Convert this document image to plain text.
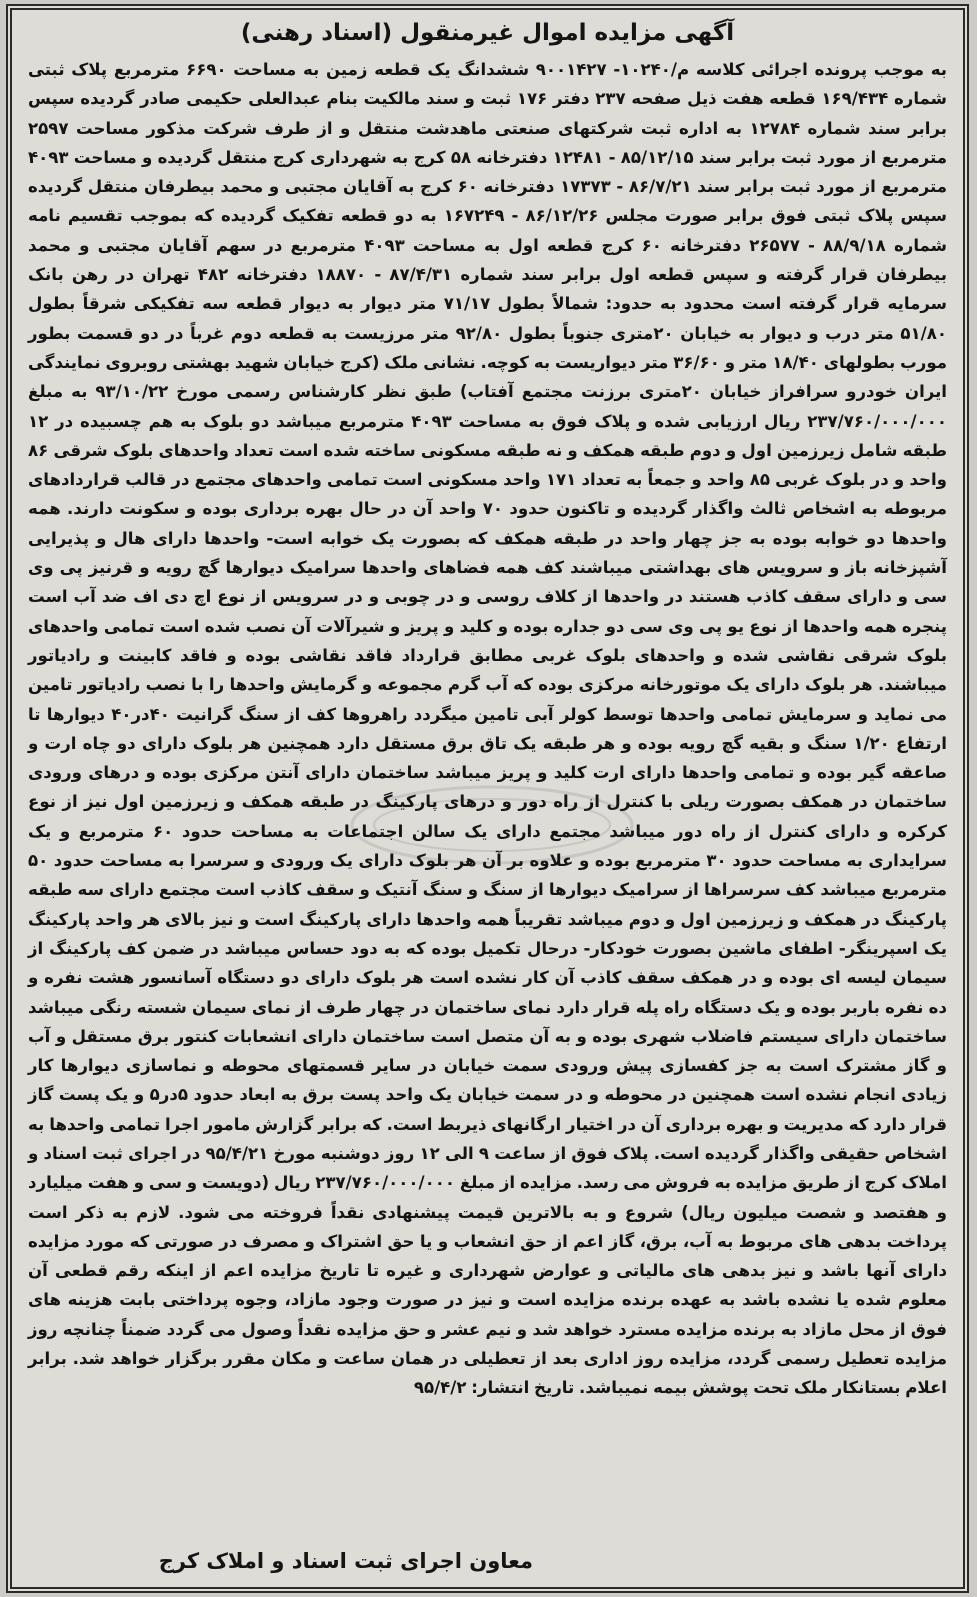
آگهی مزایده اموال غیرمنقول (اسناد رهنی)
به موجب پرونده اجرائی کلاسه م/۱۰۲۴۰- ۹۰۰۱۴۲۷ ششدانگ یک قطعه زمین به مساحت ۶۶۹۰ مترمربع پلاک ثبتی شماره ۱۶۹/۴۳۴ قطعه هفت ذیل صفحه ۲۳۷ دفتر ۱۷۶ ثبت و سند مالکیت بنام عبدالعلی حکیمی صادر گردیده سپس برابر سند شماره ۱۲۷۸۴ به اداره ثبت شرکتهای صنعتی ماهدشت منتقل و از طرف شرکت مذکور مساحت ۲۵۹۷ مترمربع از مورد ثبت برابر سند ۸۵/۱۲/۱۵ - ۱۲۴۸۱ دفترخانه ۵۸ کرج به شهرداری کرج منتقل گردیده و مساحت ۴۰۹۳ مترمربع از مورد ثبت برابر سند ۸۶/۷/۲۱ - ۱۷۳۷۳ دفترخانه ۶۰ کرج به آقایان مجتبی و محمد بیطرفان منتقل گردیده سپس پلاک ثبتی فوق برابر صورت مجلس ۸۶/۱۲/۲۶ - ۱۶۷۲۴۹ به دو قطعه تفکیک گردیده که بموجب تقسیم نامه شماره ۸۸/۹/۱۸ - ۲۶۵۷۷ دفترخانه ۶۰ کرج قطعه اول به مساحت ۴۰۹۳ مترمربع در سهم آقایان مجتبی و محمد بیطرفان قرار گرفته و سپس قطعه اول برابر سند شماره ۸۷/۴/۳۱ - ۱۸۸۷۰ دفترخانه ۴۸۲ تهران در رهن بانک سرمایه قرار گرفته است محدود به حدود: شمالاً بطول ۷۱/۱۷ متر دیوار به دیوار قطعه سه تفکیکی شرقاً بطول ۵۱/۸۰ متر درب و دیوار به خیابان ۲۰متری جنوباً بطول ۹۲/۸۰ متر مرزیست به قطعه دوم غرباً در دو قسمت بطور مورب بطولهای ۱۸/۴۰ متر و ۳۶/۶۰ متر دیواریست به کوچه. نشانی ملک (کرج خیابان شهید بهشتی روبروی نمایندگی ایران خودرو سرافراز خیابان ۲۰متری برزنت مجتمع آفتاب) طبق نظر کارشناس رسمی مورخ ۹۳/۱۰/۲۲ به مبلغ ۲۳۷/۷۶۰/۰۰۰/۰۰۰ ریال ارزیابی شده و پلاک فوق به مساحت ۴۰۹۳ مترمربع میباشد دو بلوک به هم چسبیده در ۱۲ طبقه شامل زیرزمین اول و دوم طبقه همکف و نه طبقه مسکونی ساخته شده است تعداد واحدهای بلوک شرقی ۸۶ واحد و در بلوک غربی ۸۵ واحد و جمعاً به تعداد ۱۷۱ واحد مسکونی است تمامی واحدهای مجتمع در قالب قراردادهای مربوطه به اشخاص ثالث واگذار گردیده و تاکنون حدود ۷۰ واحد آن در حال بهره برداری بوده و سکونت دارند. همه واحدها دو خوابه بوده به جز چهار واحد در طبقه همکف که بصورت یک خوابه است- واحدها دارای هال و پذیرایی آشپزخانه باز و سرویس های بهداشتی میباشند کف همه فضاهای واحدها سرامیک دیوارها گچ رویه و قرنیز پی وی سی و دارای سقف کاذب هستند در واحدها از کلاف روسی و در چوبی و در سرویس از نوع اچ دی اف ضد آب است پنجره همه واحدها از نوع یو پی وی سی دو جداره بوده و کلید و پریز و شیرآلات آن نصب شده است تمامی واحدهای بلوک شرقی نقاشی شده و واحدهای بلوک غربی مطابق قرارداد فاقد نقاشی بوده و فاقد کابینت و رادیاتور میباشند. هر بلوک دارای یک موتورخانه مرکزی بوده که آب گرم مجموعه و گرمایش واحدها را با نصب رادیاتور تامین می نماید و سرمایش تمامی واحدها توسط کولر آبی تامین میگردد راهروها کف از سنگ گرانیت ۴۰در۴۰ دیوارها تا ارتفاع ۱/۲۰ سنگ و بقیه گچ رویه بوده و هر طبقه یک تاق برق مستقل دارد همچنین هر بلوک دارای دو چاه ارت و صاعقه گیر بوده و تمامی واحدها دارای ارت کلید و پریز میباشد ساختمان دارای آنتن مرکزی بوده و درهای ورودی ساختمان در همکف بصورت ریلی با کنترل از راه دور و درهای پارکینگ در طبقه همکف و زیرزمین اول نیز از نوع کرکره و دارای کنترل از راه دور میباشد مجتمع دارای یک سالن اجتماعات به مساحت حدود ۶۰ مترمربع و یک سرایداری به مساحت حدود ۳۰ مترمربع بوده و علاوه بر آن هر بلوک دارای یک ورودی و سرسرا به مساحت حدود ۵۰ مترمربع میباشد کف سرسراها از سرامیک دیوارها از سنگ و سنگ آنتیک و سقف کاذب است مجتمع دارای سه طبقه پارکینگ در همکف و زیرزمین اول و دوم میباشد تقریباً همه واحدها دارای پارکینگ است و نیز بالای هر واحد پارکینگ یک اسپرینگر- اطفای ماشین بصورت خودکار- درحال تکمیل بوده که به دود حساس میباشد در ضمن کف پارکینگ از سیمان لیسه ای بوده و در همکف سقف کاذب آن کار نشده است هر بلوک دارای دو دستگاه آسانسور هشت نفره و ده نفره باربر بوده و یک دستگاه راه پله قرار دارد نمای ساختمان در چهار طرف از نمای سیمان شسته رنگی میباشد ساختمان دارای سیستم فاضلاب شهری بوده و به آن متصل است ساختمان دارای انشعابات کنتور برق مستقل و آب و گاز مشترک است به جز کفسازی پیش ورودی سمت خیابان در سایر قسمتهای محوطه و نماسازی دیوارها کار زیادی انجام نشده است همچنین در محوطه و در سمت خیابان یک واحد پست برق به ابعاد حدود ۵در۵ و یک پست گاز قرار دارد که مدیریت و بهره برداری آن در اختیار ارگانهای ذیربط است. که برابر گزارش مامور اجرا تمامی واحدها به اشخاص حقیقی واگذار گردیده است. پلاک فوق از ساعت ۹ الی ۱۲ روز دوشنبه مورخ ۹۵/۴/۲۱ در اجرای ثبت اسناد و املاک کرج از طریق مزایده به فروش می رسد. مزایده از مبلغ ۲۳۷/۷۶۰/۰۰۰/۰۰۰ ریال (دویست و سی و هفت میلیارد و هفتصد و شصت میلیون ریال) شروع و به بالاترین قیمت پیشنهادی نقداً فروخته می شود. لازم به ذکر است پرداخت بدهی های مربوط به آب، برق، گاز اعم از حق انشعاب و یا حق اشتراک و مصرف در صورتی که مورد مزایده دارای آنها باشد و نیز بدهی های مالیاتی و عوارض شهرداری و غیره تا تاریخ مزایده اعم از اینکه رقم قطعی آن معلوم شده یا نشده باشد به عهده برنده مزایده است و نیز در صورت وجود مازاد، وجوه پرداختی بابت هزینه های فوق از محل مازاد به برنده مزایده مسترد خواهد شد و نیم عشر و حق مزایده نقداً وصول می گردد ضمناً چنانچه روز مزایده تعطیل رسمی گردد، مزایده روز اداری بعد از تعطیلی در همان ساعت و مکان مقرر برگزار خواهد شد. برابر اعلام بستانکار ملک تحت پوشش بیمه نمیباشد. تاریخ انتشار: ۹۵/۴/۲
معاون اجرای ثبت اسناد و املاک کرج
